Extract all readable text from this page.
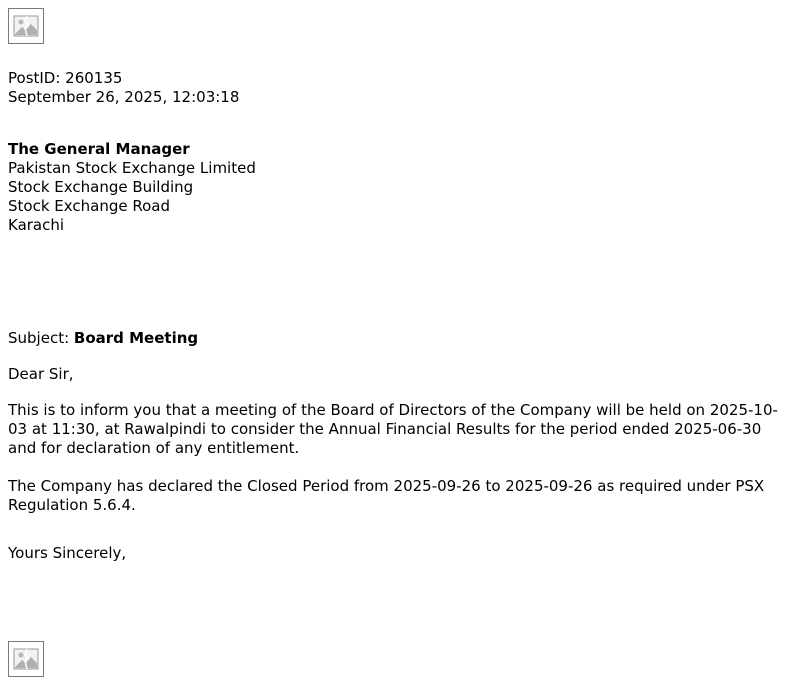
PostID: 260135
September 26, 2025, 12:03:18
The General Manager
Pakistan Stock Exchange Limited
Stock Exchange Building
Stock Exchange Road
Karachi
Subject: Board Meeting

Dear Sir,

This is to inform you that a meeting of the Board of Directors of the Company will be held on 2025-10-03 at 11:30, at Rawalpindi to consider the Annual Financial Results for the period ended 2025-06-30 and for declaration of any entitlement.

The Company has declared the Closed Period from 2025-09-26 to 2025-09-26 as required under PSX Regulation 5.6.4.

Yours Sincerely,
